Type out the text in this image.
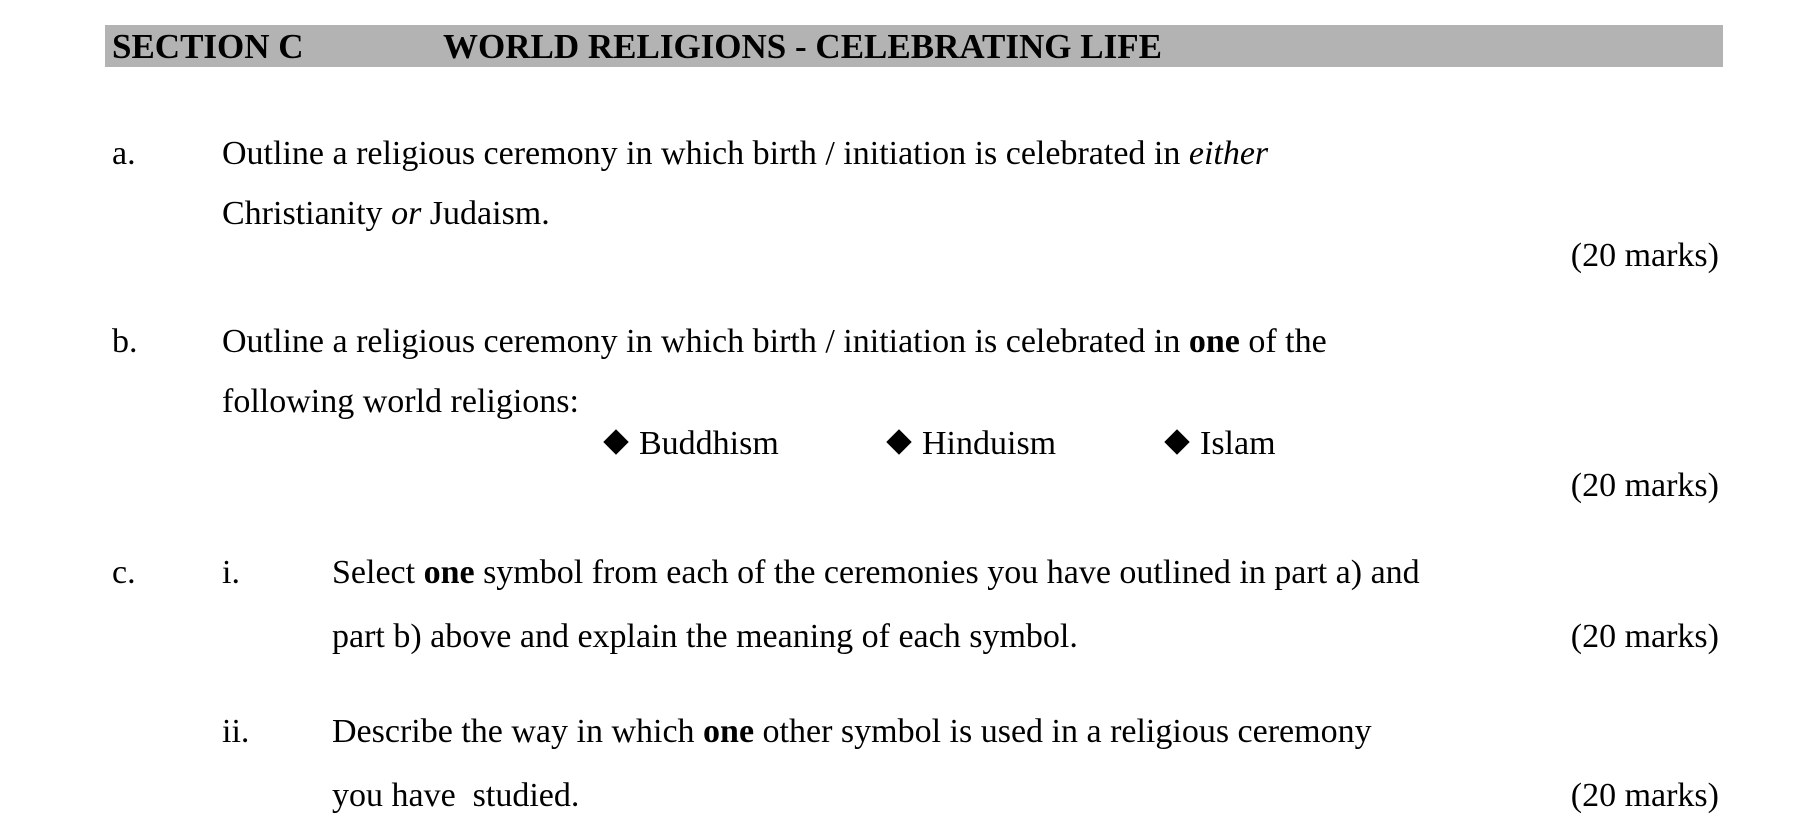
SECTION C	WORLD RELIGIONS - CELEBRATING LIFE
a.	Outline a religious ceremony in which birth / initiation is celebrated in either
Christianity or Judaism.
(20 marks)
b. Outline a religious ceremony in which birth / initiation is celebrated in one of the
following world religions:
Buddhism	Hinduism	Islam
(20 marks)
c.	i.	Select one symbol from each of the ceremonies you have outlined in part a) and
part b) above and explain the meaning of each symbol.	(20 marks)
ii. Describe the way in which one other symbol is used in a religious ceremony
you have  studied.	(20 marks)
